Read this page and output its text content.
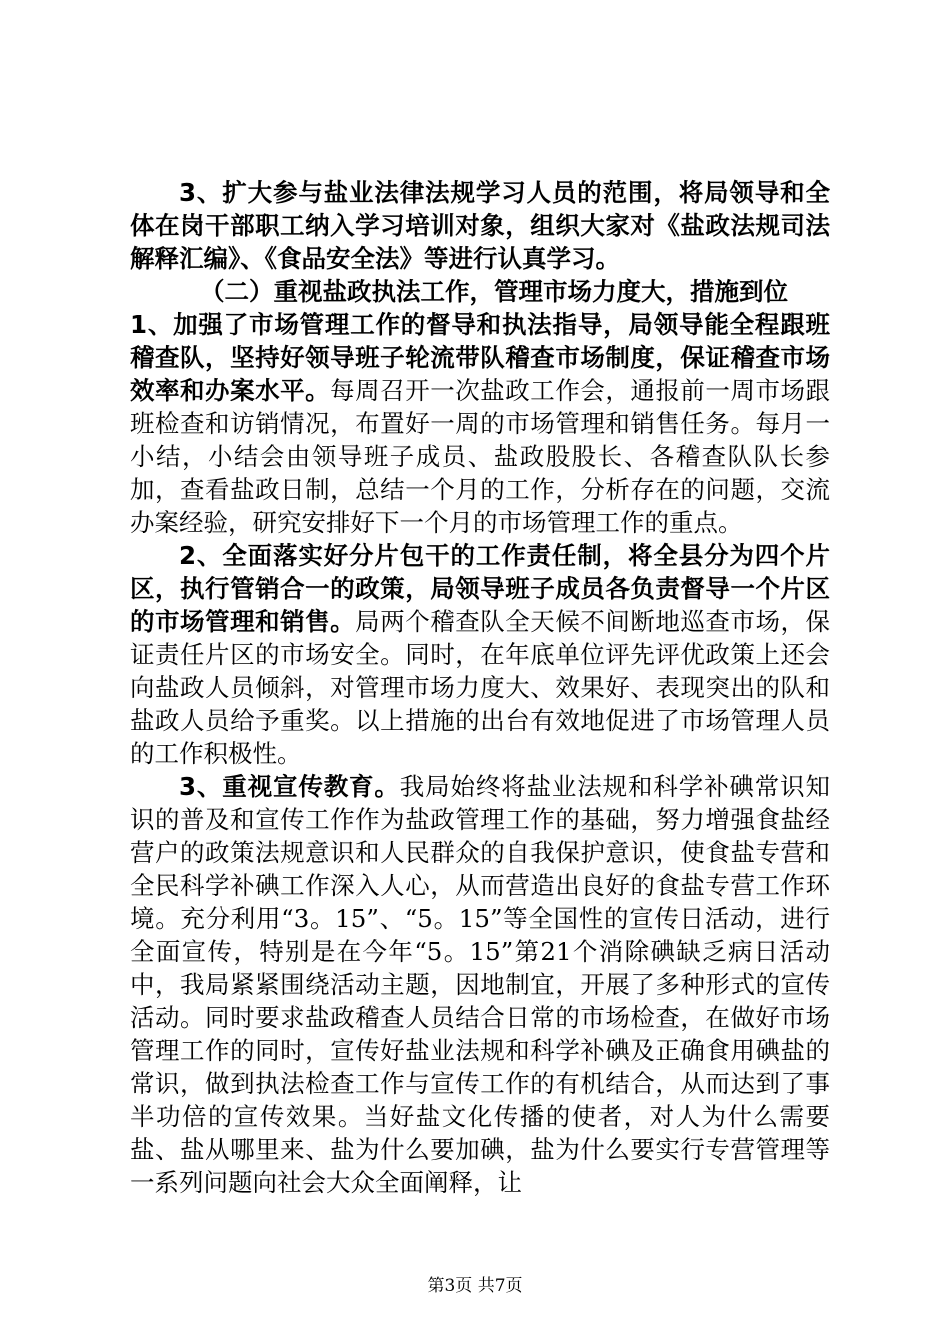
3、扩大参与盐业法律法规学习人员的范围，将局领导和全体在岗干部职工纳入学习培训对象，组织大家对《盐政法规司法解释汇编》、《食品安全法》等进行认真学习。

（二）重视盐政执法工作，管理市场力度大，措施到位

1、加强了市场管理工作的督导和执法指导，局领导能全程跟班稽查队，坚持好领导班子轮流带队稽查市场制度，保证稽查市场效率和办案水平。每周召开一次盐政工作会，通报前一周市场跟班检查和访销情况，布置好一周的市场管理和销售任务。每月一小结，小结会由领导班子成员、盐政股股长、各稽查队队长参加，查看盐政日制，总结一个月的工作，分析存在的问题，交流办案经验，研究安排好下一个月的市场管理工作的重点。

2、全面落实好分片包干的工作责任制，将全县分为四个片区，执行管销合一的政策，局领导班子成员各负责督导一个片区的市场管理和销售。局两个稽查队全天候不间断地巡查市场，保证责任片区的市场安全。同时，在年底单位评先评优政策上还会向盐政人员倾斜，对管理市场力度大、效果好、表现突出的队和盐政人员给予重奖。以上措施的出台有效地促进了市场管理人员的工作积极性。

3、重视宣传教育。我局始终将盐业法规和科学补碘常识知识的普及和宣传工作作为盐政管理工作的基础，努力增强食盐经营户的政策法规意识和人民群众的自我保护意识，使食盐专营和全民科学补碘工作深入人心，从而营造出良好的食盐专营工作环境。充分利用“3。15”、“5。15”等全国性的宣传日活动，进行全面宣传，特别是在今年“5。15”第21个消除碘缺乏病日活动中，我局紧紧围绕活动主题，因地制宜，开展了多种形式的宣传活动。同时要求盐政稽查人员结合日常的市场检查，在做好市场管理工作的同时，宣传好盐业法规和科学补碘及正确食用碘盐的常识，做到执法检查工作与宣传工作的有机结合，从而达到了事半功倍的宣传效果。当好盐文化传播的使者，对人为什么需要盐、盐从哪里来、盐为什么要加碘，盐为什么要实行专营管理等一系列问题向社会大众全面阐释，让

第3页 共7页
